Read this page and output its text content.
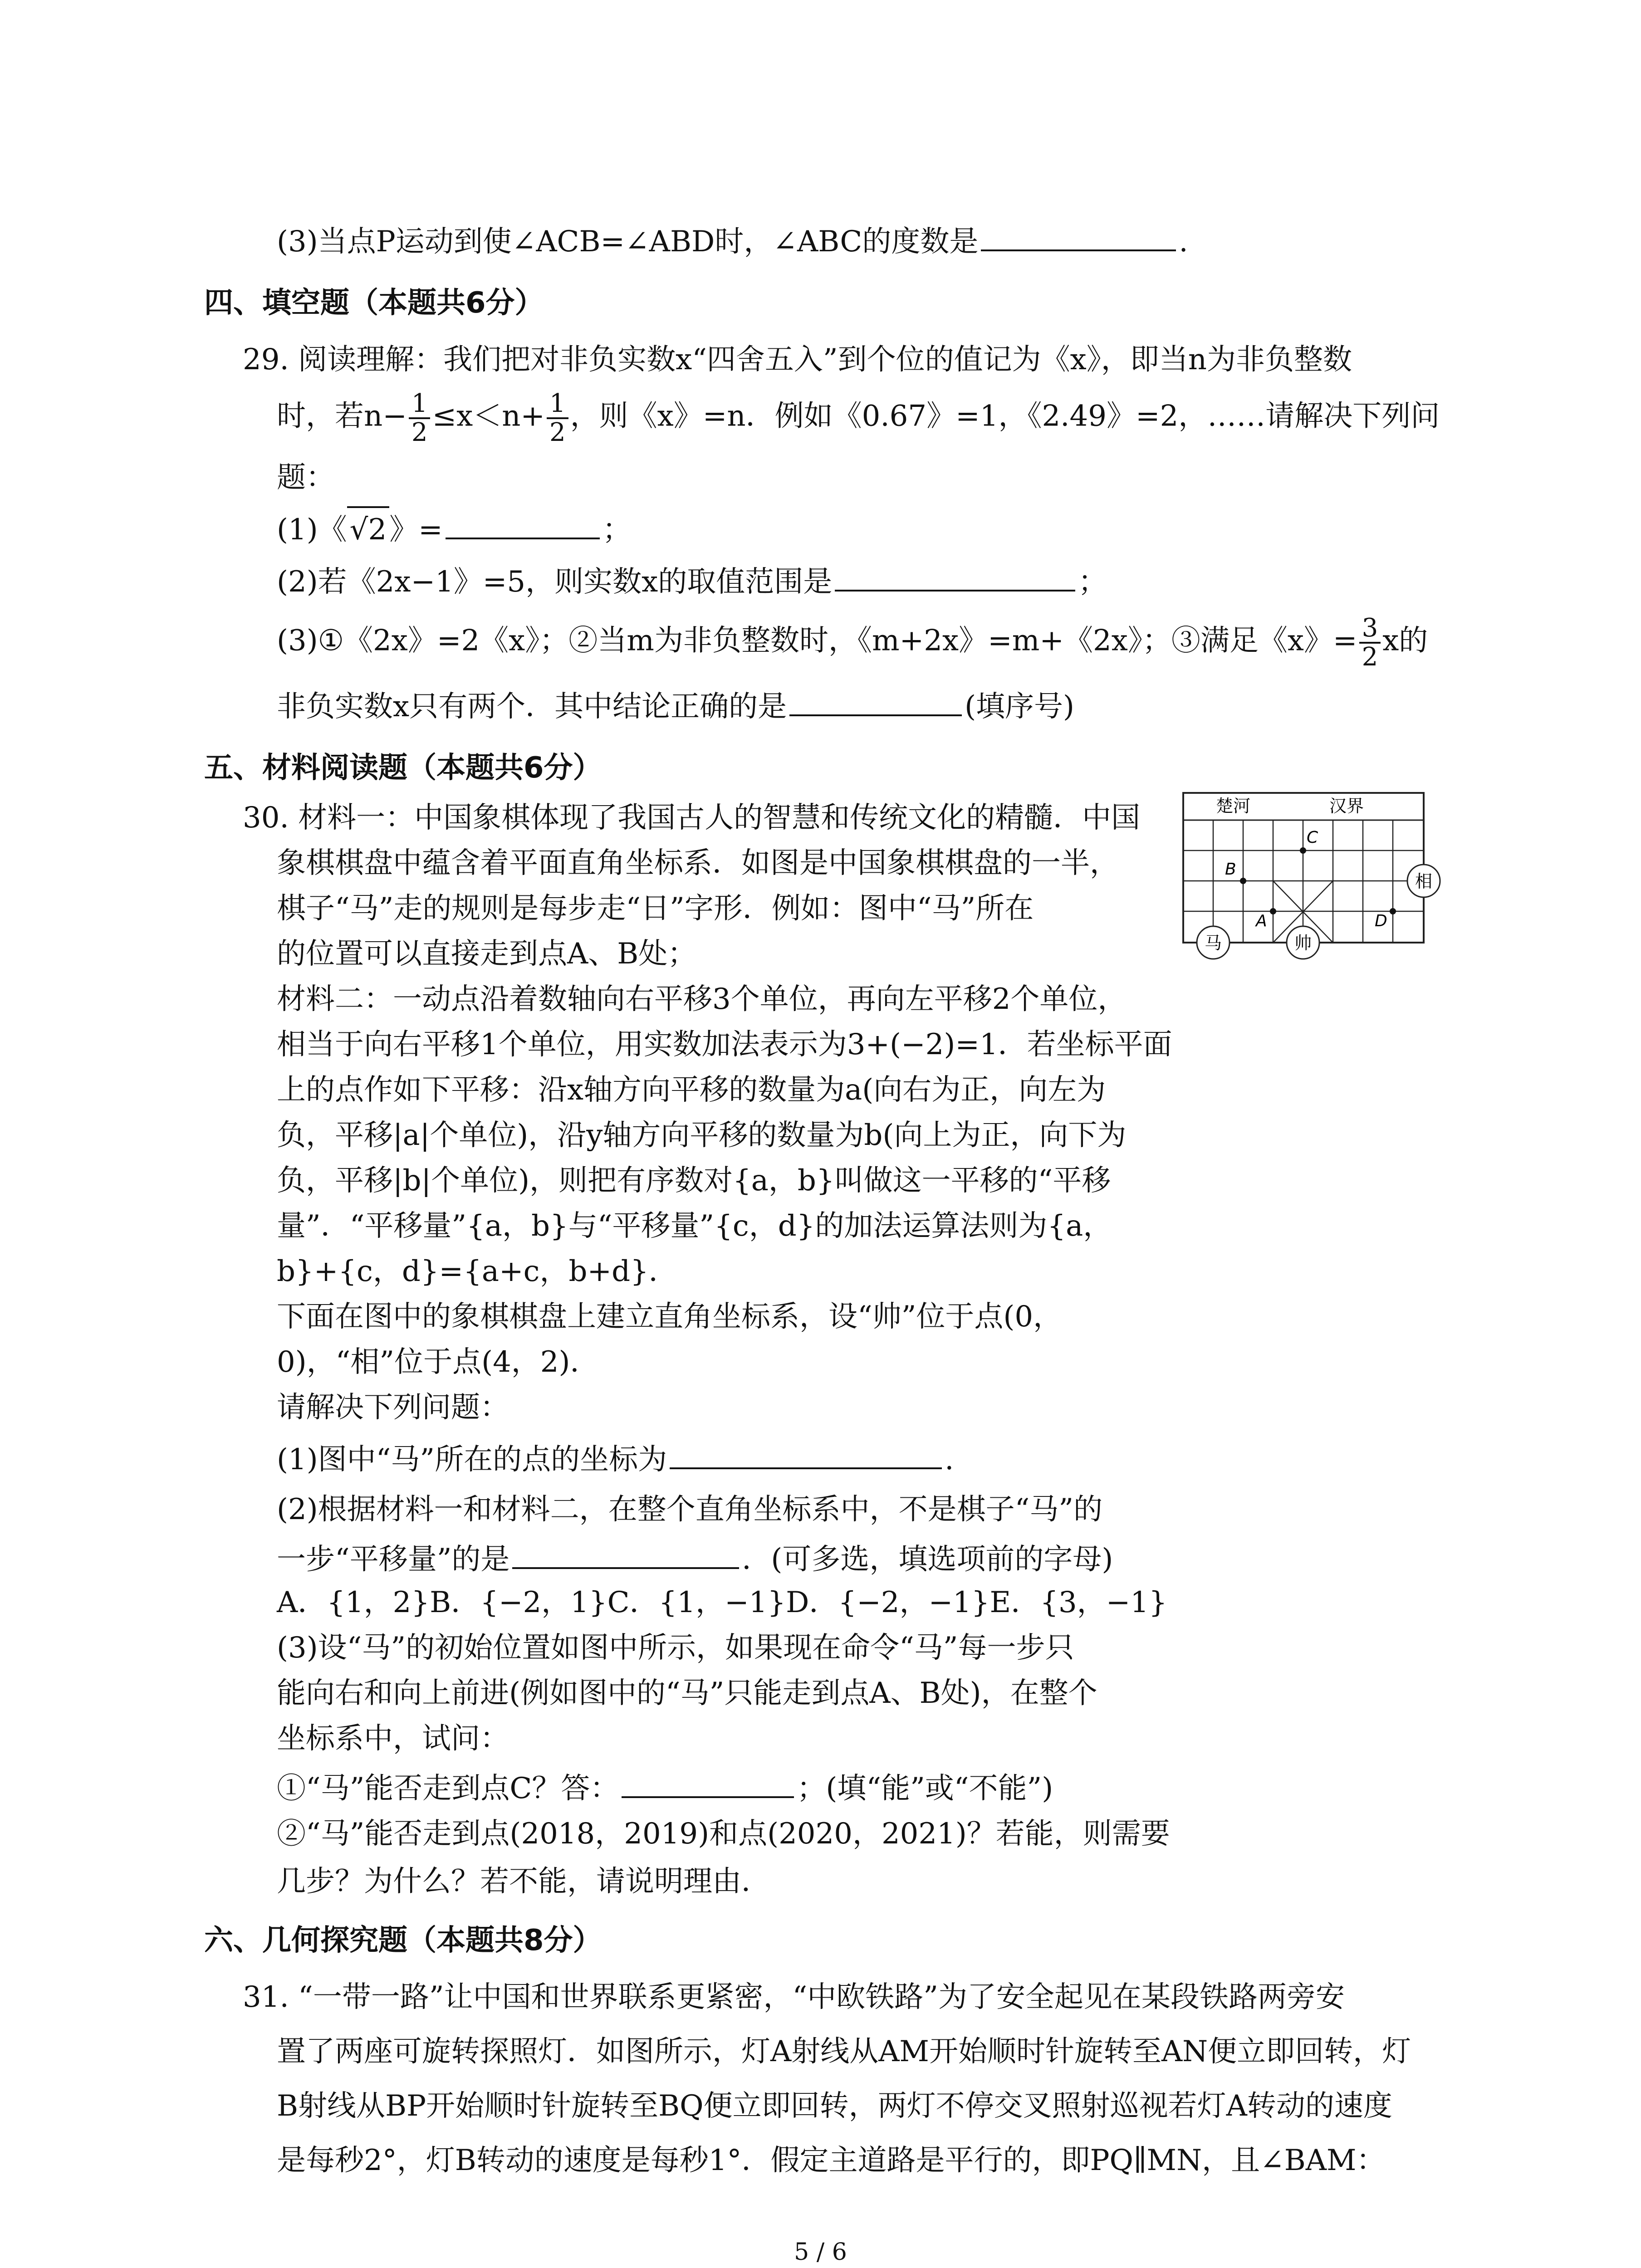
(3)当点P运动到使∠ACB=∠ABD时，∠ABC的度数是	.
四、填空题（本题共6分）
29. 阅读理解：我们把对非负实数x“四舍五入”到个位的值记为《x》，即当n为非负整数
时，若$n- \frac{1}{2} \le x<n+ \frac{1}{2}$ ，则《x》=n．例如《0.67》=1，《2.49》=2，……请解决下列问
题：
(1)《√2》=	；
(2)若《2x−1》=5，则实数x的取值范围是	；
(3)①《2x》=2《x》；②当m为非负整数时，《m+2x》=m+《2x》；③满足《x》= $\frac{3}{2}$ x的
非负实数x只有两个．其中结论正确的是	(填序号)
五、材料阅读题（本题共6分）
30. 材料一：中国象棋体现了我国古人的智慧和传统文化的精髓．中国
象棋棋盘中蕴含着平面直角坐标系．如图是中国象棋棋盘的一半，
棋子“马”走的规则是每步走“日”字形．例如：图中“马”所在
的位置可以直接走到点A、B处；
材料二：一动点沿着数轴向右平移3个单位，再向左平移2个单位，
相当于向右平移1个单位，用实数加法表示为3+(−2)=1．若坐标平面
上的点作如下平移：沿x轴方向平移的数量为a(向右为正，向左为
负，平移|a|个单位)，沿y轴方向平移的数量为b(向上为正，向下为
负，平移|b|个单位)，则把有序数对{a，b}叫做这一平移的“平移
量”．“平移量”{a，b}与“平移量”{c，d}的加法运算法则为{a，
b}+{c，d}={a+c，b+d}．
下面在图中的象棋棋盘上建立直角坐标系，设“帅”位于点(0，
0)，“相”位于点(4，2)．
请解决下列问题：
(1)图中“马”所在的点的坐标为	.
(2)根据材料一和材料二，在整个直角坐标系中，不是棋子“马”的
一步“平移量”的是	．(可多选，填选项前的字母)
A．{1，2}B．{−2，1}C．{1，−1}D．{−2，−1}E．{3，−1}
(3)设“马”的初始位置如图中所示，如果现在命令“马”每一步只
能向右和向上前进(例如图中的“马”只能走到点A、B处)，在整个
坐标系中，试问：
①“马”能否走到点C？答：	；(填“能”或“不能”)
②“马”能否走到点(2018，2019)和点(2020，2021)？若能，则需要
几步？为什么？若不能，请说明理由．
楚河	汉界
C
B
A	D
马	帅
相
六、几何探究题（本题共8分）
31. “一带一路”让中国和世界联系更紧密，“中欧铁路”为了安全起见在某段铁路两旁安
置了两座可旋转探照灯．如图所示，灯A射线从AM开始顺时针旋转至AN便立即回转，灯
B射线从BP开始顺时针旋转至BQ便立即回转，两灯不停交叉照射巡视若灯A转动的速度
是每秒2°，灯B转动的速度是每秒1°．假定主道路是平行的，即PQ∥MN，且∠BAM：
5 / 6
